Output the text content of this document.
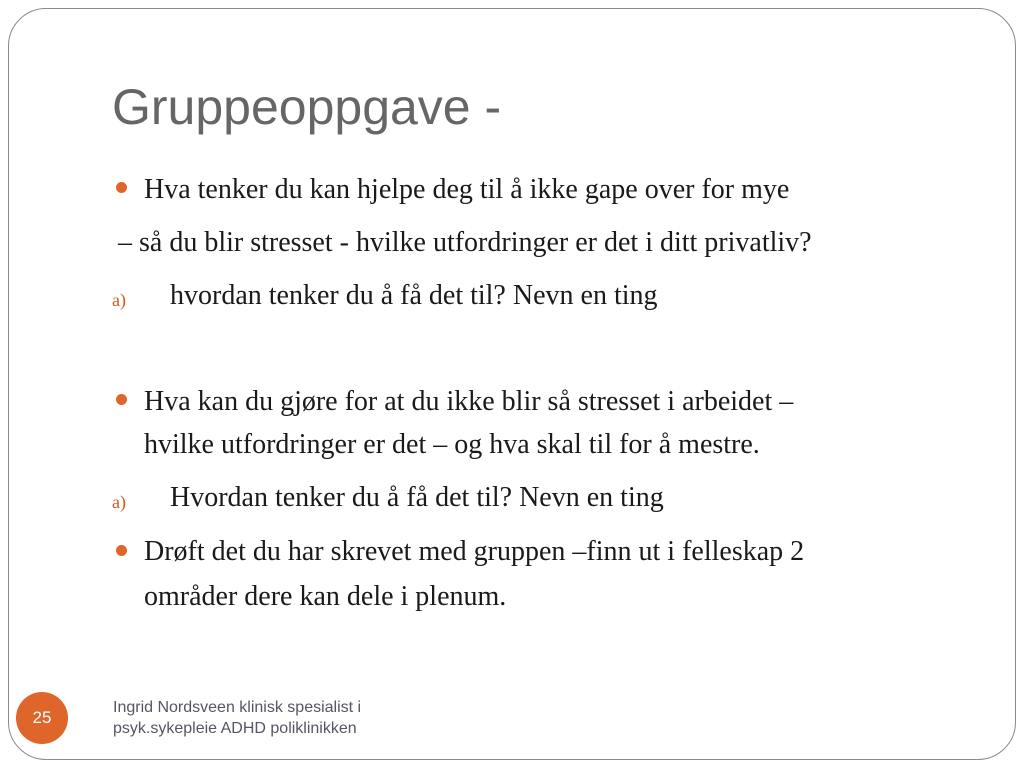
Gruppeoppgave -
Hva tenker du kan hjelpe deg til å ikke gape over for mye
– så du blir stresset - hvilke utfordringer er det i ditt privatliv?
a) hvordan tenker du å få det til? Nevn en ting
Hva kan du gjøre for at du ikke blir så stresset i arbeidet –
hvilke utfordringer er det – og hva skal til for å mestre.
a) Hvordan tenker du å få det til? Nevn en ting
Drøft det du har skrevet med gruppen –finn ut i felleskap 2
områder dere kan dele i plenum.
25
Ingrid Nordsveen klinisk spesialist i
psyk.sykepleie ADHD poliklinikken
